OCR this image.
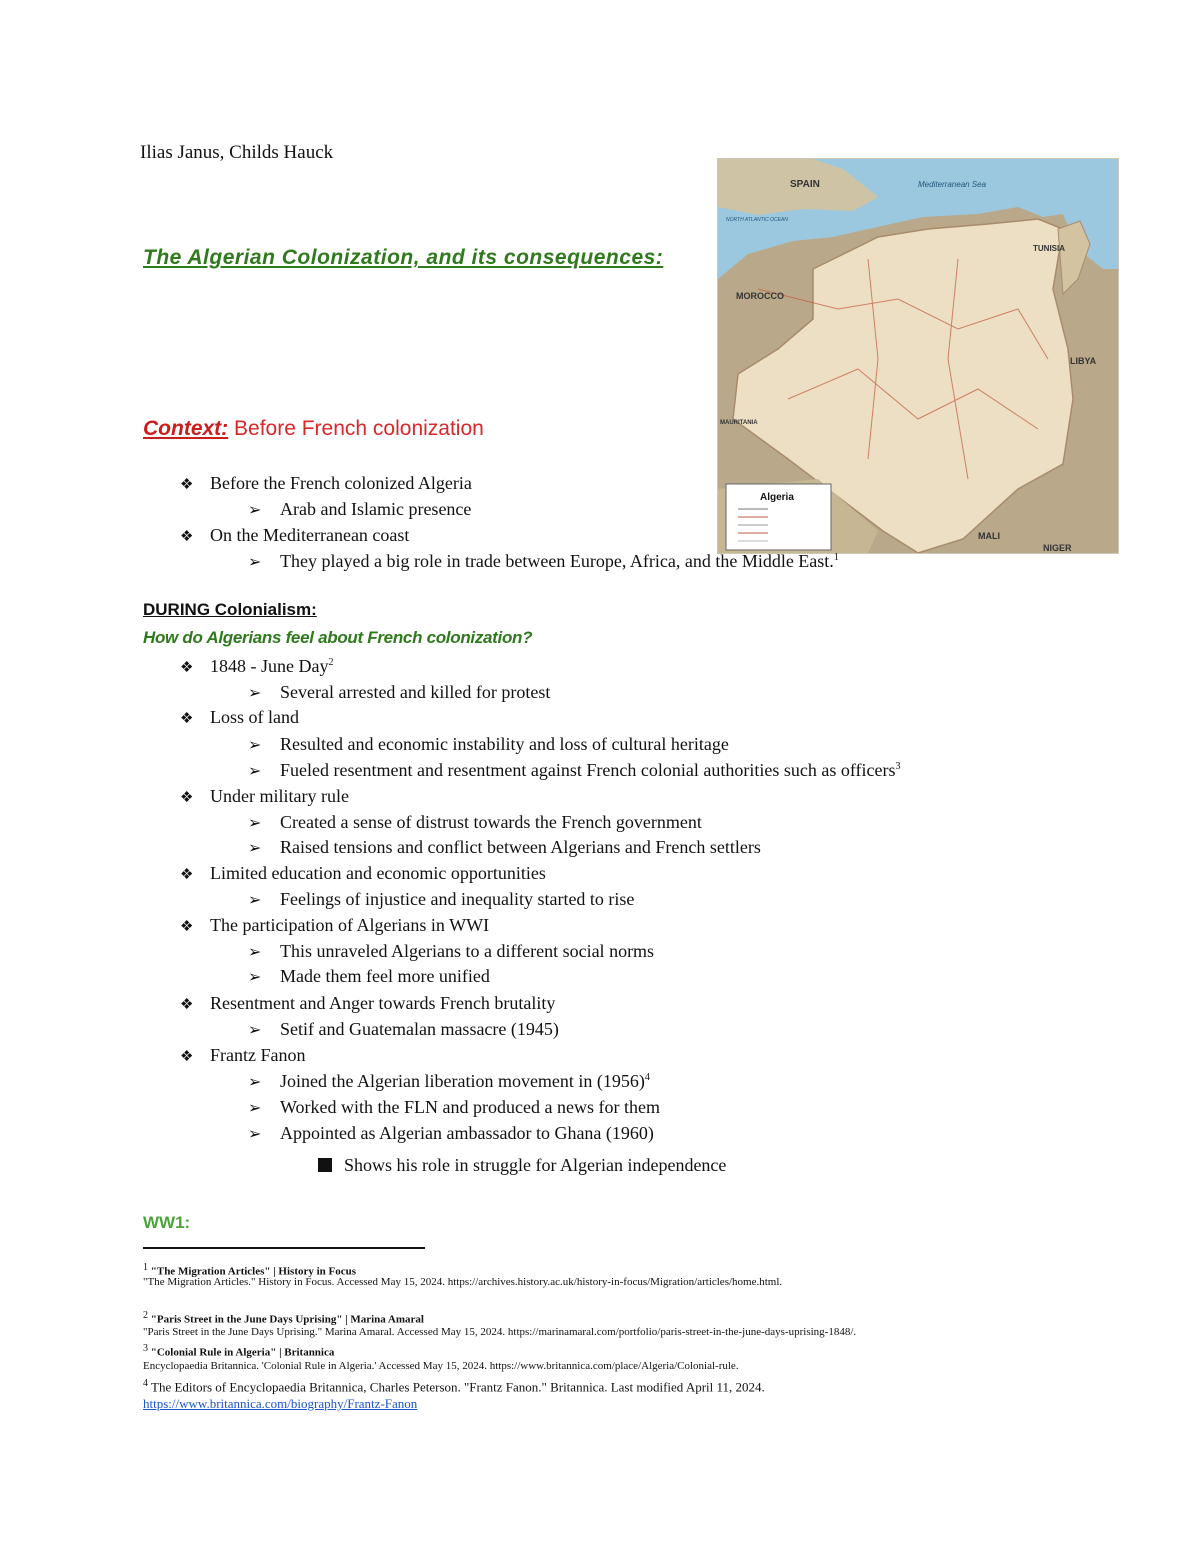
Ilias Janus, Childs Hauck
The Algerian Colonization, and its consequences:
SPAIN	Mediterranean Sea
MOROCCO
TUNISIA
LIBYA
MAURITANIA
MALI
NIGER
NORTH ATLANTIC OCEAN
Algeria
Context: Before French colonization
❖ Before the French colonized Algeria
➢ Arab and Islamic presence
❖ On the Mediterranean coast
➢ They played a big role in trade between Europe, Africa, and the Middle East.$^1$
DURING Colonialism:
How do Algerians feel about French colonization?
❖ 1848 - June Day$^2$
➢ Several arrested and killed for protest
❖ Loss of land
➢ Resulted and economic instability and loss of cultural heritage
➢ Fueled resentment and resentment against French colonial authorities such as officers$^3$
❖ Under military rule
➢ Created a sense of distrust towards the French government
➢ Raised tensions and conflict between Algerians and French settlers
❖ Limited education and economic opportunities
➢ Feelings of injustice and inequality started to rise
❖ The participation of Algerians in WWI
➢ This unraveled Algerians to a different social norms
➢ Made them feel more unified
❖ Resentment and Anger towards French brutality
➢ Setif and Guatemalan massacre (1945)
❖ Frantz Fanon
➢ Joined the Algerian liberation movement in $(1956)^4$
➢ Worked with the FLN and produced a news for them
➢ Appointed as Algerian ambassador to Ghana (1960)
Shows his role in struggle for Algerian independence
WW1:
$^1$ "The Migration Articles" | History in Focus
"The Migration Articles." History in Focus. Accessed May 15, 2024. https://archives.history.ac.uk/history-in-focus/Migration/articles/home.html.
$^2$ "Paris Street in the June Days Uprising" | Marina Amaral
"Paris Street in the June Days Uprising." Marina Amaral. Accessed May 15, 2024. https://marinamaral.com/portfolio/paris-street-in-the-june-days-uprising-1848/.
$^3$ "Colonial Rule in Algeria" | Britannica
Encyclopaedia Britannica. 'Colonial Rule in Algeria.' Accessed May 15, 2024. https://www.britannica.com/place/Algeria/Colonial-rule.
$^4$ The Editors of Encyclopaedia Britannica, Charles Peterson. "Frantz Fanon." Britannica. Last modified April 11, 2024.
https://www.britannica.com/biography/Frantz-Fanon
